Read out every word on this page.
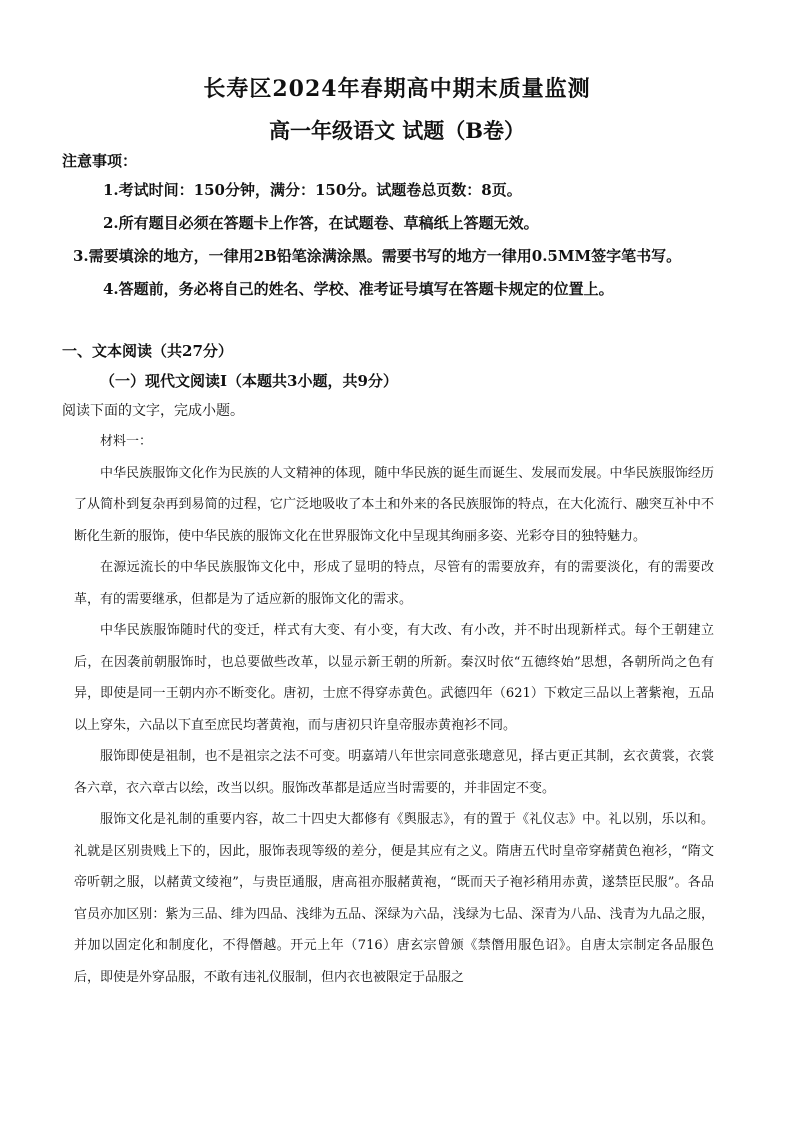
长寿区2024年春期高中期末质量监测
高一年级语文 试题（B卷）
注意事项：

1.考试时间：150分钟，满分：150分。试题卷总页数：8页。

2.所有题目必须在答题卡上作答，在试题卷、草稿纸上答题无效。

3.需要填涂的地方，一律用2B铅笔涂满涂黑。需要书写的地方一律用0.5MM签字笔书写。

4.答题前，务必将自己的姓名、学校、准考证号填写在答题卡规定的位置上。

一、文本阅读（共27分）
（一）现代文阅读Ⅰ（本题共3小题，共9分）
阅读下面的文字，完成小题。

材料一：

中华民族服饰文化作为民族的人文精神的体现，随中华民族的诞生而诞生、发展而发展。中华民族服饰经历了从简朴到复杂再到易简的过程，它广泛地吸收了本土和外来的各民族服饰的特点，在大化流行、融突互补中不断化生新的服饰，使中华民族的服饰文化在世界服饰文化中呈现其绚丽多姿、光彩夺目的独特魅力。

在源远流长的中华民族服饰文化中，形成了显明的特点，尽管有的需要放弃，有的需要淡化，有的需要改革，有的需要继承，但都是为了适应新的服饰文化的需求。

中华民族服饰随时代的变迁，样式有大变、有小变，有大改、有小改，并不时出现新样式。每个王朝建立后，在因袭前朝服饰时，也总要做些改革，以显示新王朝的所新。秦汉时依“五德终始”思想，各朝所尚之色有异，即使是同一王朝内亦不断变化。唐初，士庶不得穿赤黄色。武德四年（621）下敕定三品以上著紫袍，五品以上穿朱，六品以下直至庶民均著黄袍，而与唐初只许皇帝服赤黄袍衫不同。

服饰即使是祖制，也不是祖宗之法不可变。明嘉靖八年世宗同意张璁意见，择古更正其制，玄衣黄裳，衣裳各六章，衣六章古以绘，改当以织。服饰改革都是适应当时需要的，并非固定不变。

服饰文化是礼制的重要内容，故二十四史大都修有《舆服志》，有的置于《礼仪志》中。礼以别，乐以和。礼就是区别贵贱上下的，因此，服饰表现等级的差分，便是其应有之义。隋唐五代时皇帝穿赭黄色袍衫，“隋文帝听朝之服，以赭黄文绫袍”，与贵臣通服，唐高祖亦服赭黄袍，“既而天子袍衫稍用赤黄，遂禁臣民服”。各品官员亦加区别：紫为三品、绯为四品、浅绯为五品、深绿为六品，浅绿为七品、深青为八品、浅青为九品之服，并加以固定化和制度化，不得僭越。开元上年（716）唐玄宗曾颁《禁僭用服色诏》。自唐太宗制定各品服色后，即使是外穿品服，不敢有违礼仪服制，但内衣也被限定于品服之
